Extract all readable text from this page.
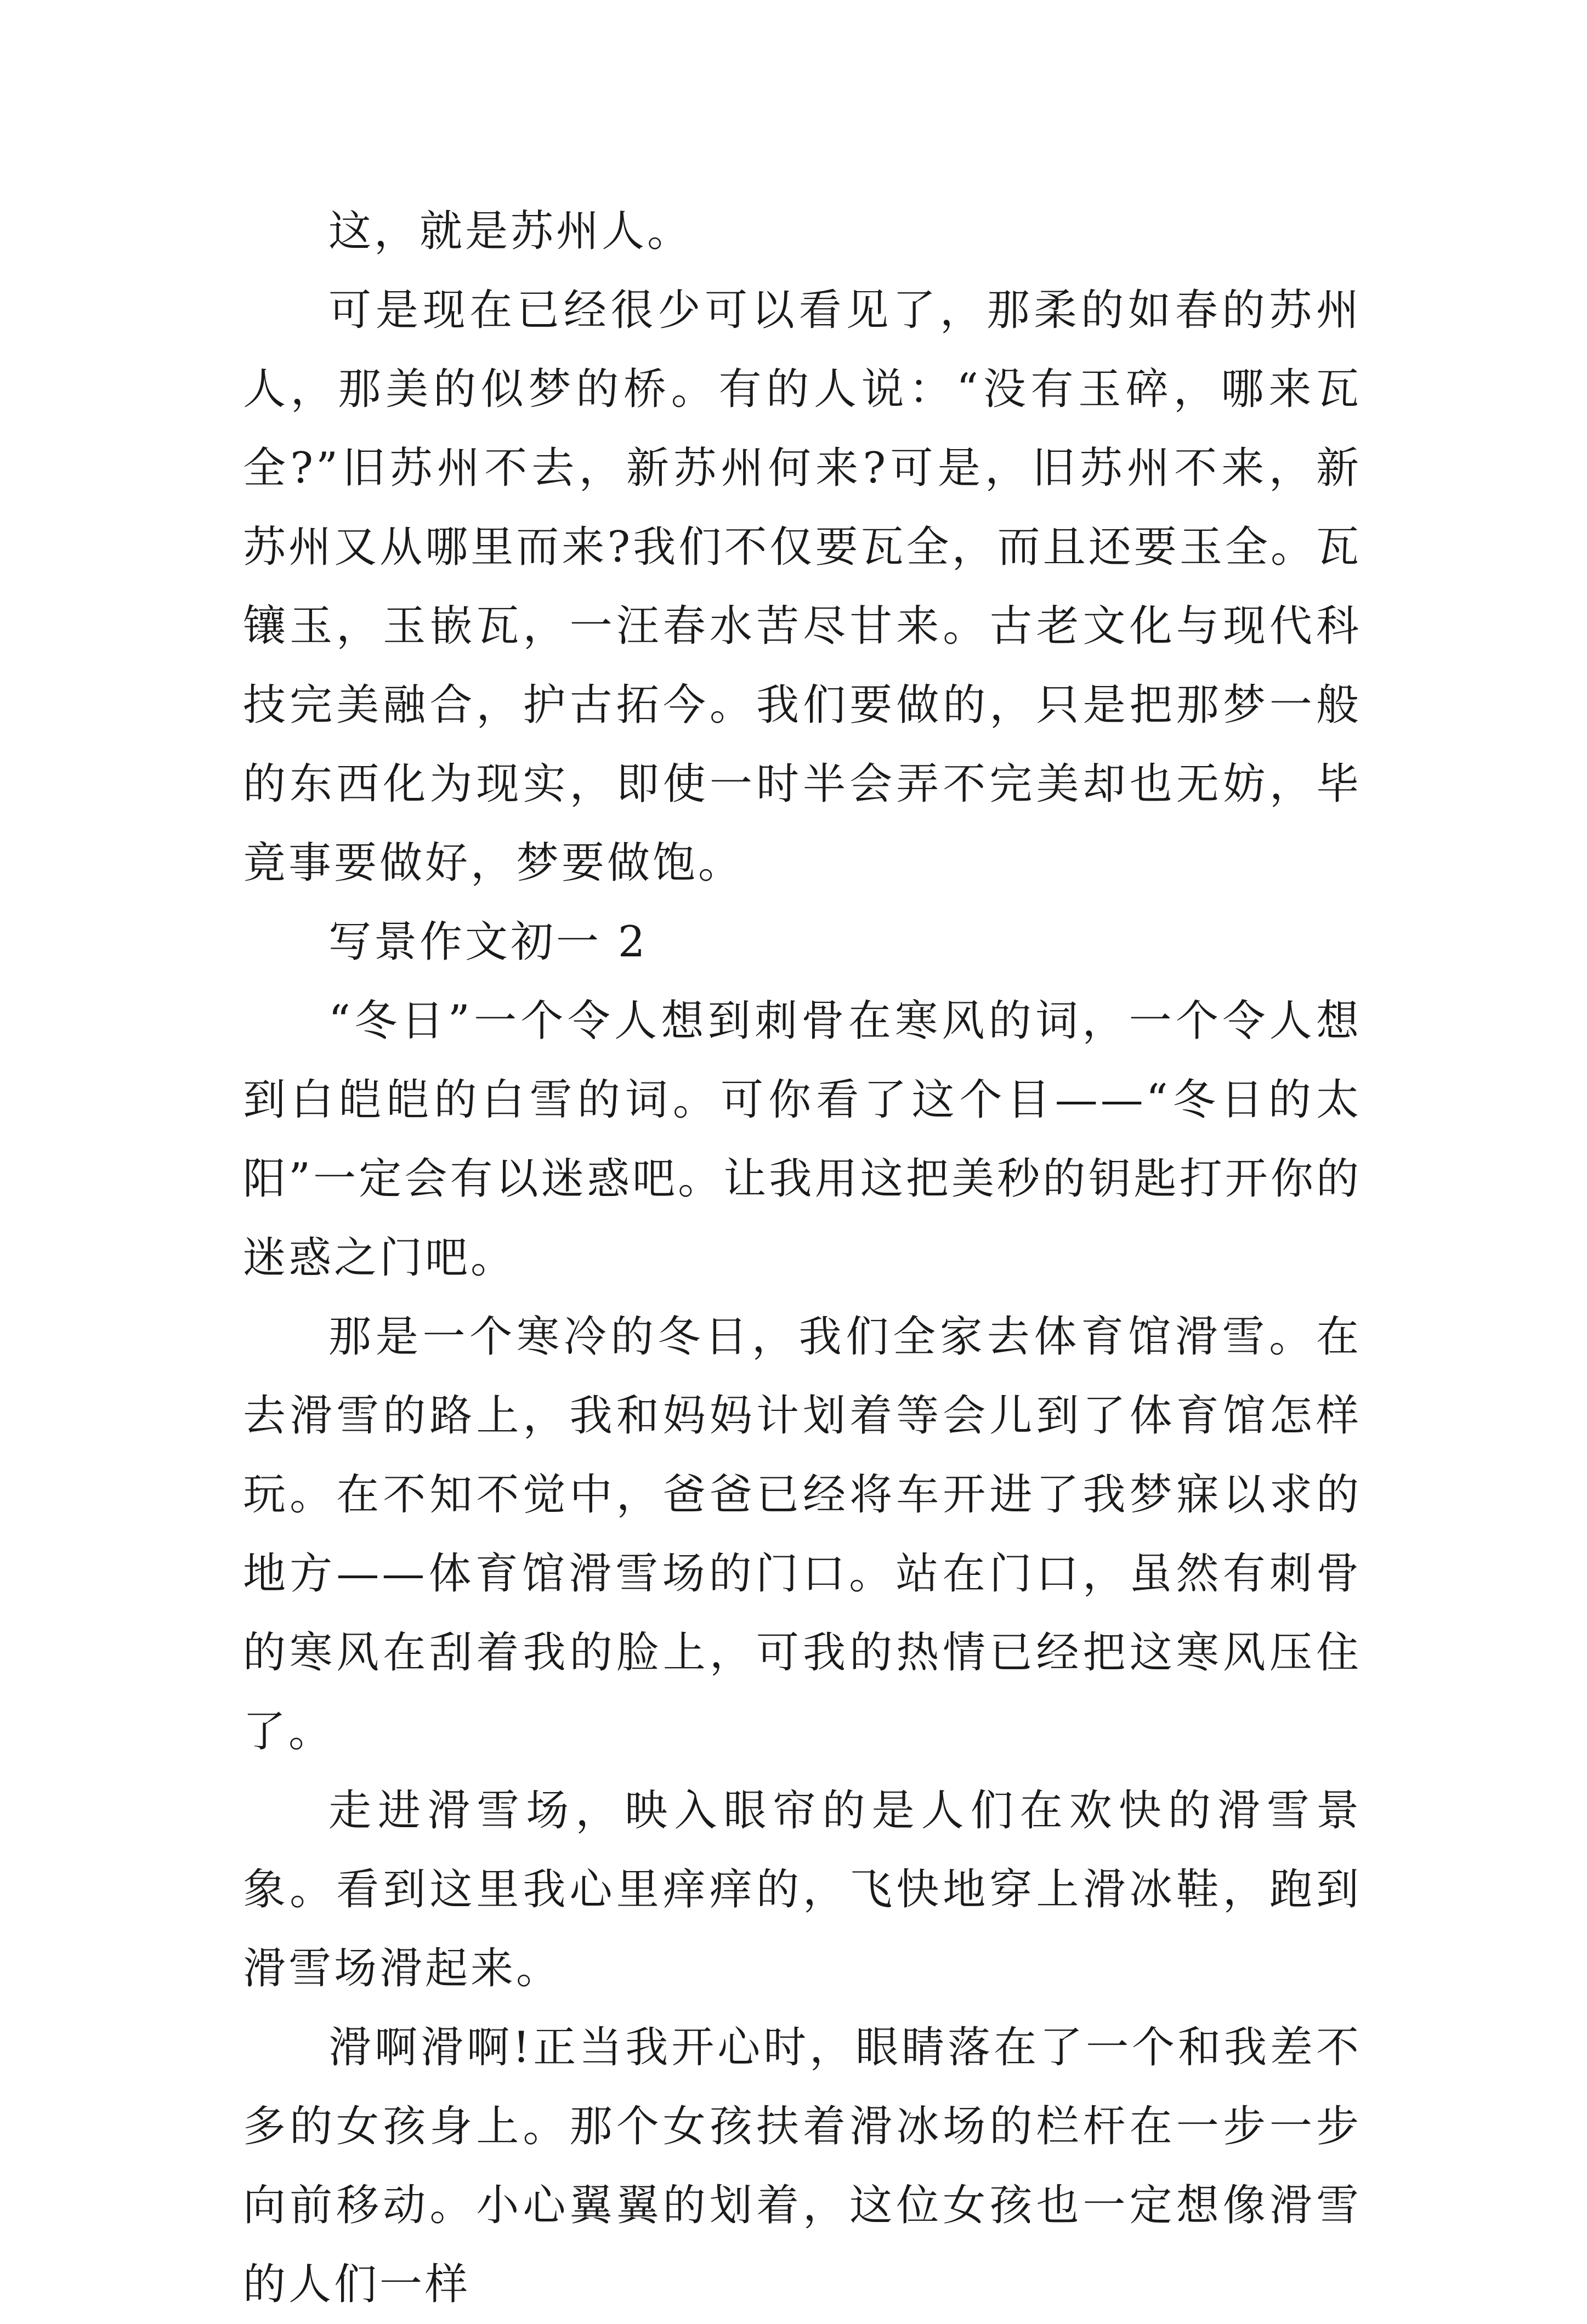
这，就是苏州人。

可是现在已经很少可以看见了，那柔的如春的苏州人，那美的似梦的桥。有的人说：“没有玉碎，哪来瓦全?”旧苏州不去，新苏州何来?可是，旧苏州不来，新苏州又从哪里而来?我们不仅要瓦全，而且还要玉全。瓦镶玉，玉嵌瓦，一汪春水苦尽甘来。古老文化与现代科技完美融合，护古拓今。我们要做的，只是把那梦一般的东西化为现实，即使一时半会弄不完美却也无妨，毕竟事要做好，梦要做饱。

写景作文初一 2

“冬日”一个令人想到刺骨在寒风的词，一个令人想到白皑皑的白雪的词。可你看了这个目——“冬日的太阳”一定会有以迷惑吧。让我用这把美秒的钥匙打开你的迷惑之门吧。

那是一个寒冷的冬日，我们全家去体育馆滑雪。在去滑雪的路上，我和妈妈计划着等会儿到了体育馆怎样玩。在不知不觉中，爸爸已经将车开进了我梦寐以求的地方——体育馆滑雪场的门口。站在门口，虽然有刺骨的寒风在刮着我的脸上，可我的热情已经把这寒风压住了。

走进滑雪场，映入眼帘的是人们在欢快的滑雪景象。看到这里我心里痒痒的，飞快地穿上滑冰鞋，跑到滑雪场滑起来。

滑啊滑啊!正当我开心时，眼睛落在了一个和我差不多的女孩身上。那个女孩扶着滑冰场的栏杆在一步一步向前移动。小心翼翼的划着，这位女孩也一定想像滑雪的人们一样
